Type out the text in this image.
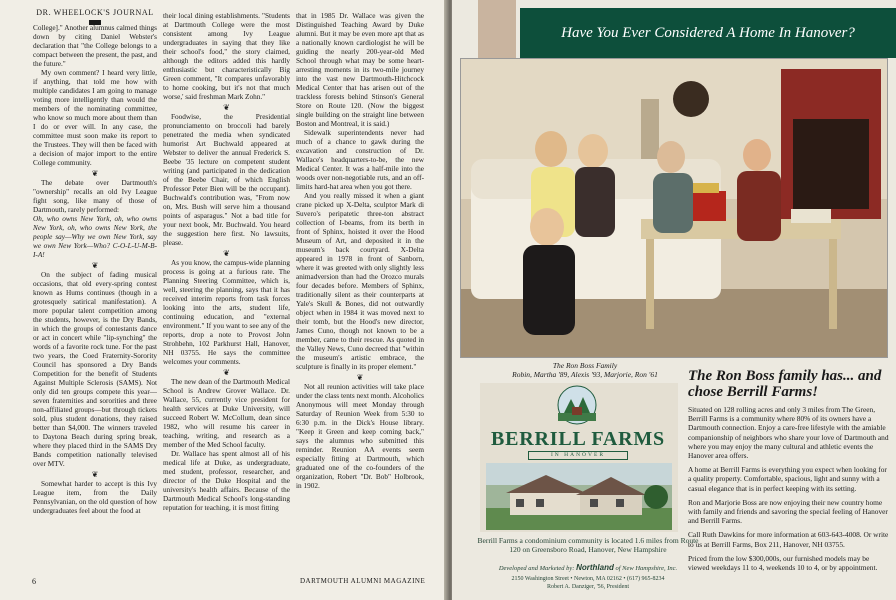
DR. WHEELOCK'S JOURNAL

College]." Another alumnus calmed things down by citing Daniel Webster's declaration that "the College belongs to a compact between the present, the past, and the future."

My own comment? I heard very little, if anything, that told me how with multiple candidates I am going to manage voting more intelligently than would the members of the nominating committee, who know so much more about them than I do or ever will. In any case, the committee must soon make its report to the Trustees. They will then be faced with a decision of major import to the entire College community.

❦

The debate over Dartmouth's "ownership" recalls an old Ivy League fight song, like many of those of Dartmouth, rarely performed:

Oh, who owns New York, oh, who owns New York, oh, who owns New York, the people say—Why we own New York, say we own New York—Who? C-O-L-U-M-B-I-A!

❦

On the subject of fading musical occasions, that old every-spring contest known as Hums continues (though in a grotesquely satirical manifestation). A more popular talent competition among the students, however, is the Dry Bands, in which the groups of contestants dance or act in concert while "lip-synching" the words of a favorite rock tune. For the past two years, the Coed Fraternity-Sorority Council has sponsored a Dry Bands Competition for the benefit of Students Against Multiple Sclerosis (SAMS). Not only did ten groups compete this year—seven fraternities and sororities and three non-affiliated groups—but through tickets sold, plus student donations, they raised better than $4,000. The winners traveled to Daytona Beach during spring break, where they placed third in the SAMS Dry Bands competition nationally televised over MTV.

❦

Somewhat harder to accept is this Ivy League item, from the Daily Pennsylvanian, on the old question of how undergraduates feel about the food at

their local dining establishments. "Students at Dartmouth College were the most consistent among Ivy League undergraduates in saying that they like their school's food," the story claimed, although the editors added this hardly enthusiastic but characteristically Big Green comment, "It compares unfavorably to home cooking, but it's not that much worse,' said freshman Mark Zohn."

❦

Foodwise, the Presidential pronunciamento on broccoli had barely penetrated the media when syndicated humorist Art Buchwald appeared at Webster to deliver the annual Frederick S. Beebe '35 lecture on competent student writing (and participated in the dedication of the Beebe Chair, of which English Professor Peter Bien will be the occupant). Buchwald's contribution was, "From now on, Mrs. Bush will serve him a thousand points of asparagus." Not a bad title for your next book, Mr. Buchwald. You heard the suggestion here first. No lawsuits, please.

❦

As you know, the campus-wide planning process is going at a furious rate. The Planning Steering Committee, which is, well, steering the planning, says that it has received interim reports from task forces looking into the arts, student life, continuing education, and "external environment." If you want to see any of the reports, drop a note to Provost John Strohbehn, 102 Parkhurst Hall, Hanover, NH 03755. He says the committee welcomes your comments.

❦

The new dean of the Dartmouth Medical School is Andrew Grover Wallace. Dr. Wallace, 55, currently vice president for health services at Duke University, will succeed Robert W. McCollum, dean since 1982, who will resume his career in teaching, writing, and research as a member of the Med School faculty.

Dr. Wallace has spent almost all of his medical life at Duke, as undergraduate, med student, professor, researcher, and director of the Duke Hospital and the university's health affairs. Because of the Dartmouth Medical School's long-standing reputation for teaching, it is most fitting

that in 1985 Dr. Wallace was given the Distinguished Teaching Award by Duke alumni. But it may be even more apt that as a nationally known cardiologist he will be guiding the nearly 200-year-old Med School through what may be some heart-arresting moments in its two-mile journey into the vast new Dartmouth-Hitchcock Medical Center that has arisen out of the trackless forests behind Stinson's General Store on Route 120. (Now the biggest single building on the straight line between Boston and Montreal, it is said.)

Sidewalk superintendents never had much of a chance to gawk during the excavation and construction of Dr. Wallace's headquarters-to-be, the new Medical Center. It was a half-mile into the woods over non-negotiable ruts, and an off-limits hard-hat area when you got there.

And you really missed it when a giant crane picked up X-Delta, sculptor Mark di Suvero's peripatetic three-ton abstract collection of I-beams, from its berth in front of Sphinx, hoisted it over the Hood Museum of Art, and deposited it in the museum's back courtyard. X-Delta appeared in 1978 in front of Sanborn, where it was greeted with only slightly less animadversion than had the Orozco murals four decades before. Members of Sphinx, traditionally silent as their counterparts at Yale's Skull & Bones, did not outwardly object when in 1984 it was moved next to their tomb, but the Hood's new director, James Cuno, though not known to be a member, came to their rescue. As quoted in the Valley News, Cuno decreed that "within the museum's artistic embrace, the sculpture is finally in its proper element."

❦

Not all reunion activities will take place under the class tents next month. Alcoholics Anonymous will meet Monday through Saturday of Reunion Week from 5:30 to 6:30 p.m. in the Dick's House library. "Keep it Green and keep coming back," says the alumnus who submitted this reminder. Reunion AA events seem especially fitting at Dartmouth, which graduated one of the co-founders of the organization, Robert "Dr. Bob" Holbrook, in 1902.

6	DARTMOUTH ALUMNI MAGAZINE
Have You Ever Considered A Home In Hanover?
The Ron Boss Family
Robin, Martha '89, Alexis '93, Marjorie, Ron '61
BERRILL FARMS
IN HANOVER
Berrill Farms a condominium community is located 1.6 miles from Route 120 on Greensboro Road, Hanover, New Hampshire
Developed and Marketed by: Northland of New Hampshire, Inc.
2150 Washington Street • Newton, MA 02162 • (617) 965-8234
Robert A. Danziger, '56, President
The Ron Boss family has... and chose Berrill Farms!

Situated on 128 rolling acres and only 3 miles from The Green, Berrill Farms is a community where 80% of its owners have a Dartmouth connection. Enjoy a care-free lifestyle with the amiable companionship of neighbors who share your love of Dartmouth and where you may enjoy the many cultural and athletic events the Hanover area offers.

A home at Berrill Farms is everything you expect when looking for a quality property. Comfortable, spacious, light and sunny with a casual elegance that is in perfect keeping with its setting.

Ron and Marjorie Boss are now enjoying their new country home with family and friends and savoring the special feeling of Hanover and Berrill Farms.

Call Ruth Dawkins for more information at 603-643-4008. Or write to us at Berrill Farms, Box 211, Hanover, NH 03755.

Priced from the low $300,000s, our furnished models may be viewed weekdays 11 to 4, weekends 10 to 4, or by appointment.
